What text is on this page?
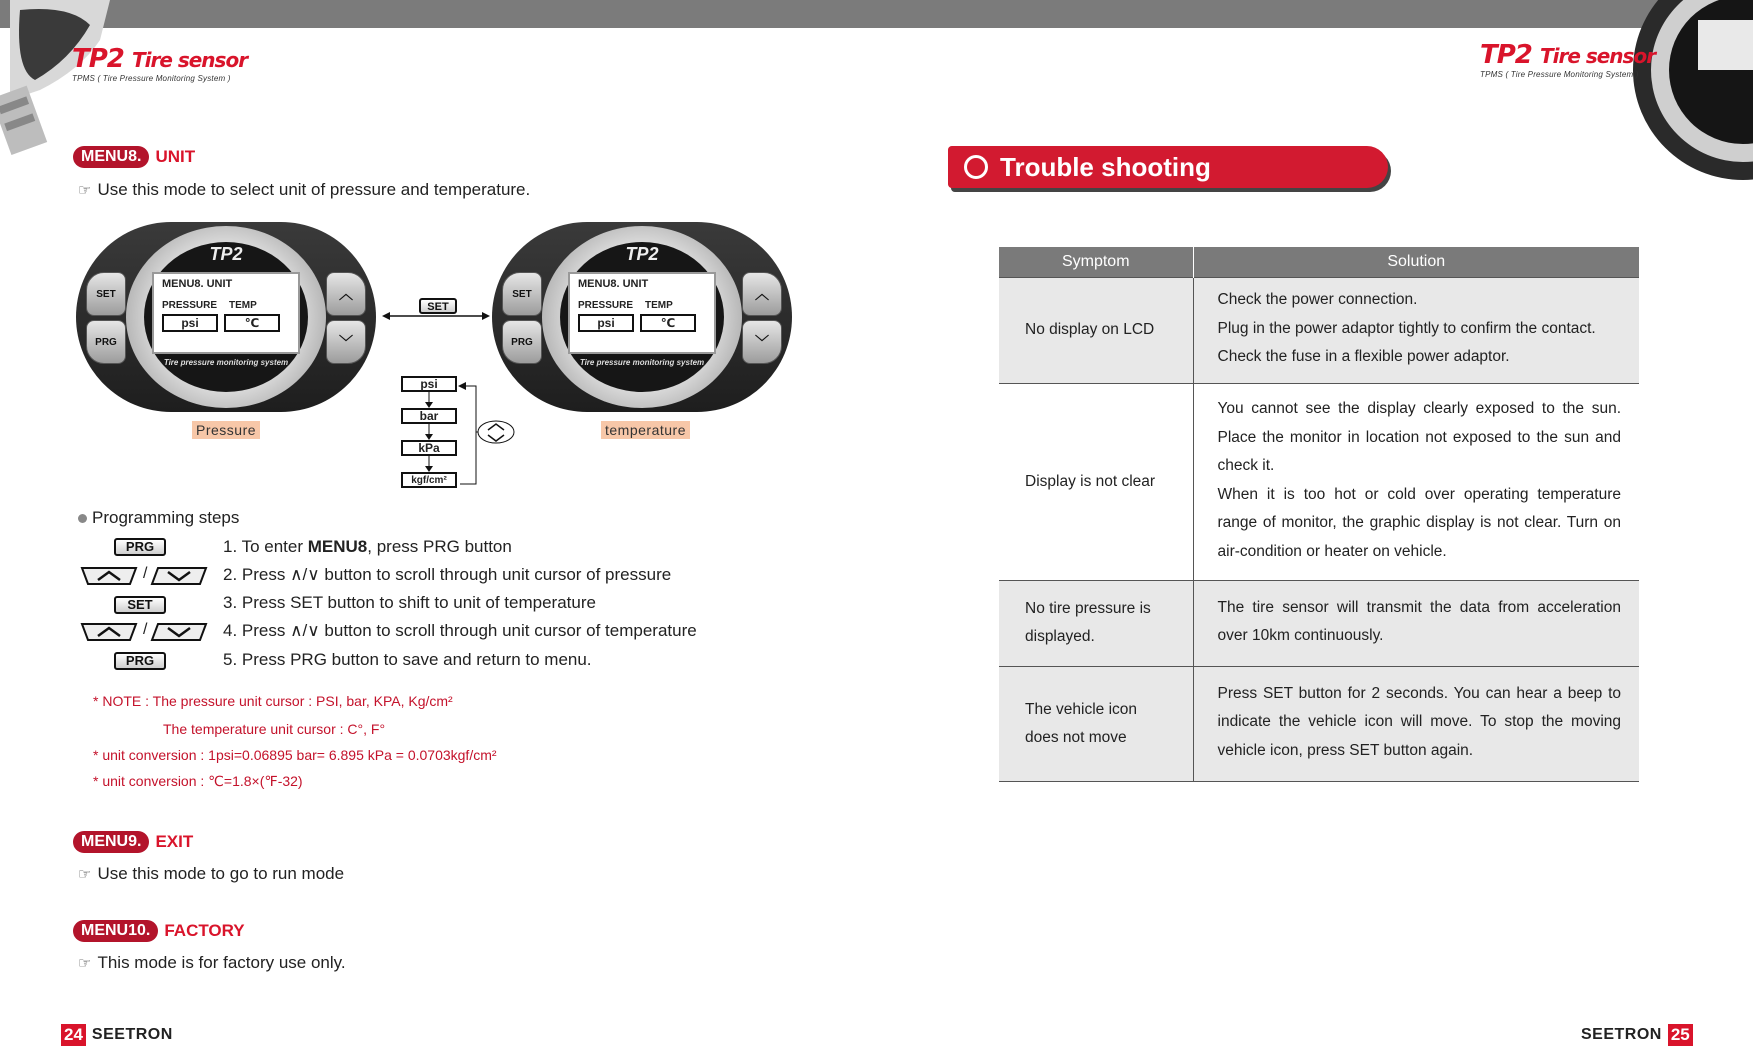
TP2 Tire sensor
TPMS ( Tire Pressure Monitoring System )
TP2 Tire sensor
TPMS ( Tire Pressure Monitoring System )
MENU8. UNIT
☞ Use this mode to select unit of pressure and temperature.
TP2
SET
PRG
︿
﹀
MENU8. UNIT
PRESSURE TEMP
psi	℃
Tire pressure monitoring system
Pressure
TP2
SET
PRG
︿
﹀
MENU8. UNIT
PRESSURE TEMP
psi	℃
Tire pressure monitoring system
temperature
SET
psi
bar
kPa
kgf/cm²
Programming steps
PRG	1. To enter MENU8, press PRG button
/	2. Press ∧/∨ button to scroll through unit cursor of pressure
SET	3. Press SET button to shift to unit of temperature
/	4. Press ∧/∨ button to scroll through unit cursor of temperature
PRG	5. Press PRG button to save and return to menu.
* NOTE : The pressure unit cursor : PSI, bar, KPA, Kg/cm²
The temperature unit cursor : C°, F°
* unit conversion : 1psi=0.06895 bar= 6.895 kPa = 0.0703kgf/cm²
* unit conversion : ℃=1.8×(℉-32)
MENU9. EXIT
☞ Use this mode to go to run mode
MENU10. FACTORY
☞ This mode is for factory use only.
24 SEETRON	SEETRON 25
Trouble shooting
Symptom	Solution
No display on LCD	Check the power connection.
Plug in the power adaptor tightly to confirm the contact.
Check the fuse in a flexible power adaptor.

Display is not clear	You cannot see the display clearly exposed to the sun. Place the monitor in location not exposed to the sun and check it.
When it is too hot or cold over operating temperature range of monitor, the graphic display is not clear. Turn on air-condition or heater on vehicle.

No tire pressure is displayed.	The tire sensor will transmit the data from acceleration over 10km continuously.

The vehicle icon does not move	Press SET button for 2 seconds. You can hear a beep to indicate the vehicle icon will move. To stop the moving vehicle icon, press SET button again.
